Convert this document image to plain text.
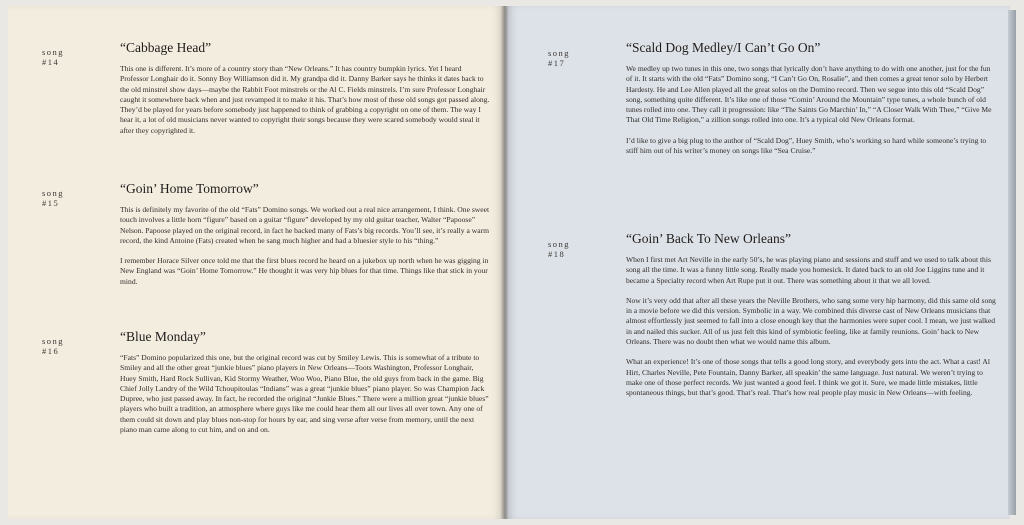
song #14
“Cabbage Head”

This one is different. It’s more of a country story than “New Orleans.” It has country bumpkin lyrics. Yet I heard Professor Longhair do it. Sonny Boy Williamson did it. My grandpa did it. Danny Barker says he thinks it dates back to the old minstrel show days—maybe the Rabbit Foot minstrels or the Al C. Fields minstrels. I’m sure Professor Longhair caught it somewhere back when and just revamped it to make it his. That’s how most of these old songs got passed along. They’d be played for years before somebody just happened to think of grabbing a copyright on one of them. The way I hear it, a lot of old musicians never wanted to copyright their songs because they were scared somebody would steal it after they copyrighted it.

song #15
“Goin’ Home Tomorrow”

This is definitely my favorite of the old “Fats” Domino songs. We worked out a real nice arrangement, I think. One sweet touch involves a little horn “figure” based on a guitar “figure” developed by my old guitar teacher, Walter “Papoose” Nelson. Papoose played on the original record, in fact he backed many of Fats’s big records. You’ll see, it’s really a warm record, the kind Antoine (Fats) created when he sang much higher and had a bluesier style to his “thing.”

I remember Horace Silver once told me that the first blues record he heard on a jukebox up north when he was gigging in New England was “Goin’ Home Tomorrow.” He thought it was very hip blues for that time. Things like that stick in your mind.

song #16
“Blue Monday”

“Fats” Domino popularized this one, but the original record was cut by Smiley Lewis. This is somewhat of a tribute to Smiley and all the other great “junkie blues” piano players in New Orleans—Toots Washington, Professor Longhair, Huey Smith, Hard Rock Sullivan, Kid Stormy Weather, Woo Woo, Piano Blue, the old guys from back in the game. Big Chief Jolly Landry of the Wild Tchoupitoulas “Indians” was a great “junkie blues” piano player. So was Champion Jack Dupree, who just passed away. In fact, he recorded the original “Junkie Blues.” There were a million great “junkie blues” players who built a tradition, an atmosphere where guys like me could hear them all our lives all over town. Any one of them could sit down and play blues non-stop for hours by ear, and sing verse after verse from memory, until the next piano man came along to cut him, and on and on.

song #17
“Scald Dog Medley/I Can’t Go On”

We medley up two tunes in this one, two songs that lyrically don’t have anything to do with one another, just for the fun of it. It starts with the old “Fats” Domino song, “I Can’t Go On, Rosalie”, and then comes a great tenor solo by Herbert Hardesty. He and Lee Allen played all the great solos on the Domino record. Then we segue into this old “Scald Dog” song, something quite different. It’s like one of those “Comin’ Around the Mountain” type tunes, a whole bunch of old tunes rolled into one. They call it progression: like “The Saints Go Marchin’ In,” “A Closer Walk With Thee,” “Give Me That Old Time Religion,” a zillion songs rolled into one. It’s a typical old New Orleans format.

I’d like to give a big plug to the author of “Scald Dog”, Huey Smith, who’s working so hard while someone’s trying to stiff him out of his writer’s money on songs like “Sea Cruise.”

song #18
“Goin’ Back To New Orleans”

When I first met Art Neville in the early 50’s, he was playing piano and sessions and stuff and we used to talk about this song all the time. It was a funny little song. Really made you homesick. It dated back to an old Joe Liggins tune and it became a Specialty record when Art Rupe put it out. There was something about it that we all loved.

Now it’s very odd that after all these years the Neville Brothers, who sang some very hip harmony, did this same old song in a movie before we did this version. Symbolic in a way. We combined this diverse cast of New Orleans musicians that almost effortlessly just seemed to fall into a close enough key that the harmonies were super cool. I mean, we just walked in and nailed this sucker. All of us just felt this kind of symbiotic feeling, like at family reunions. Goin’ back to New Orleans. There was no doubt then what we would name this album.

What an experience! It’s one of those songs that tells a good long story, and everybody gets into the act. What a cast! Al Hirt, Charles Neville, Pete Fountain, Danny Barker, all speakin’ the same language. Just natural. We weren’t trying to make one of those perfect records. We just wanted a good feel. I think we got it. Sure, we made little mistakes, little spontaneous things, but that’s good. That’s real. That’s how real people play music in New Orleans—with feeling.
